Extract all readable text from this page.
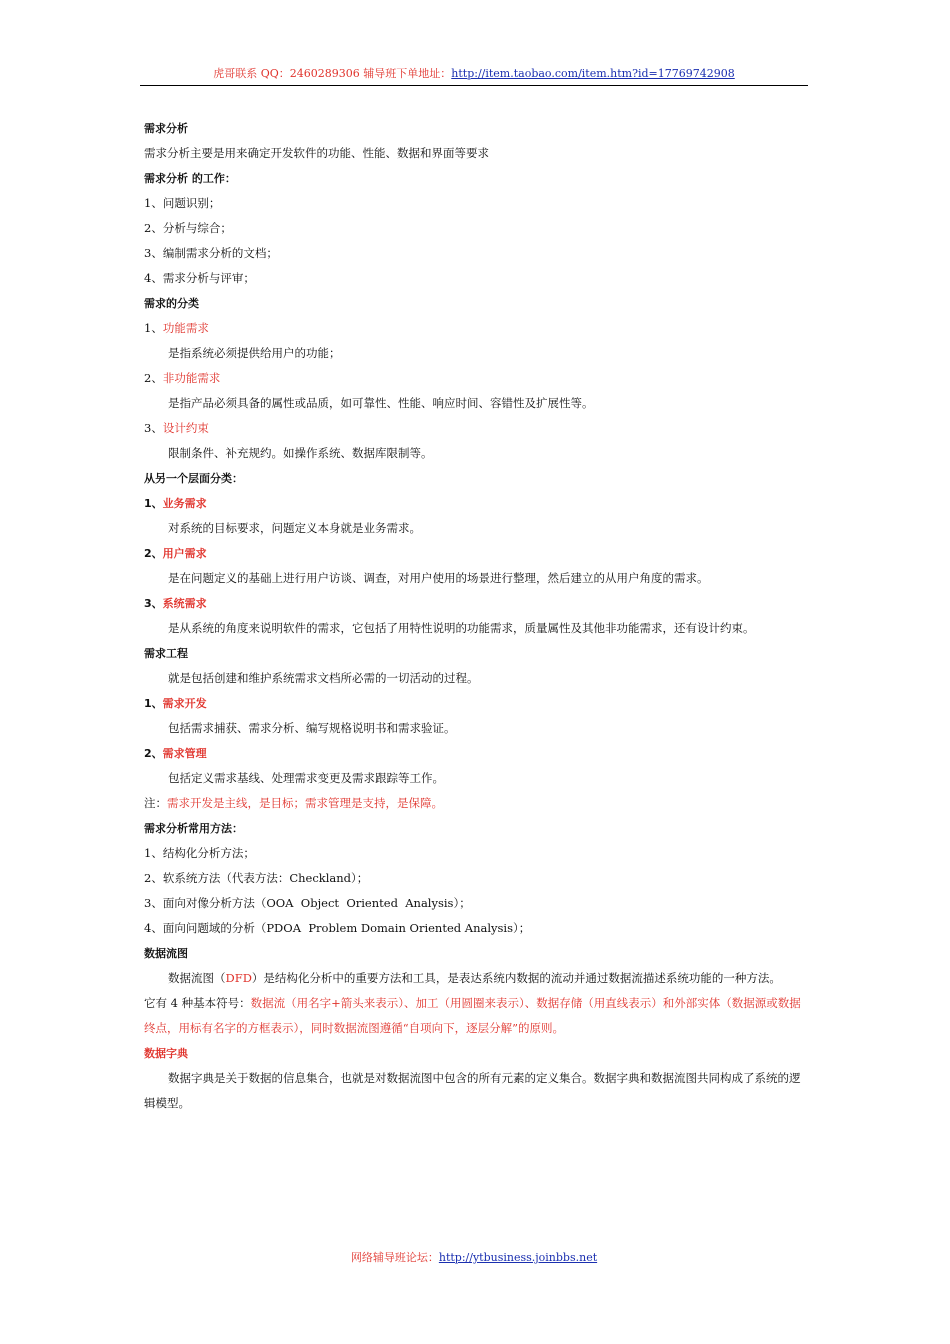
虎哥联系 QQ：2460289306 辅导班下单地址：http://item.taobao.com/item.htm?id=17769742908
需求分析
需求分析主要是用来确定开发软件的功能、性能、数据和界面等要求
需求分析 的工作：
1、问题识别；
2、分析与综合；
3、编制需求分析的文档；
4、需求分析与评审；
需求的分类
1、功能需求
是指系统必须提供给用户的功能；
2、非功能需求
是指产品必须具备的属性或品质，如可靠性、性能、响应时间、容错性及扩展性等。
3、设计约束
限制条件、补充规约。如操作系统、数据库限制等。
从另一个层面分类：
1、业务需求
对系统的目标要求，问题定义本身就是业务需求。
2、用户需求
是在问题定义的基础上进行用户访谈、调查，对用户使用的场景进行整理，然后建立的从用户角度的需求。
3、系统需求
是从系统的角度来说明软件的需求，它包括了用特性说明的功能需求，质量属性及其他非功能需求，还有设计约束。
需求工程
就是包括创建和维护系统需求文档所必需的一切活动的过程。
1、需求开发
包括需求捕获、需求分析、编写规格说明书和需求验证。
2、需求管理
包括定义需求基线、处理需求变更及需求跟踪等工作。
注：需求开发是主线，是目标；需求管理是支持，是保障。
需求分析常用方法：
1、结构化分析方法；
2、软系统方法（代表方法：Checkland）；
3、面向对像分析方法（OOA  Object  Oriented  Analysis）；
4、面向问题域的分析（PDOA  Problem Domain Oriented Analysis）；
数据流图
数据流图（DFD）是结构化分析中的重要方法和工具，是表达系统内数据的流动并通过数据流描述系统功能的一种方法。
它有 4 种基本符号：数据流（用名字+箭头来表示）、加工（用圆圈来表示）、数据存储（用直线表示）和外部实体（数据源或数据终点，用标有名字的方框表示），同时数据流图遵循“自项向下，逐层分解”的原则。
数据字典
数据字典是关于数据的信息集合，也就是对数据流图中包含的所有元素的定义集合。数据字典和数据流图共同构成了系统的逻辑模型。
网络辅导班论坛：http://ytbusiness.joinbbs.net
